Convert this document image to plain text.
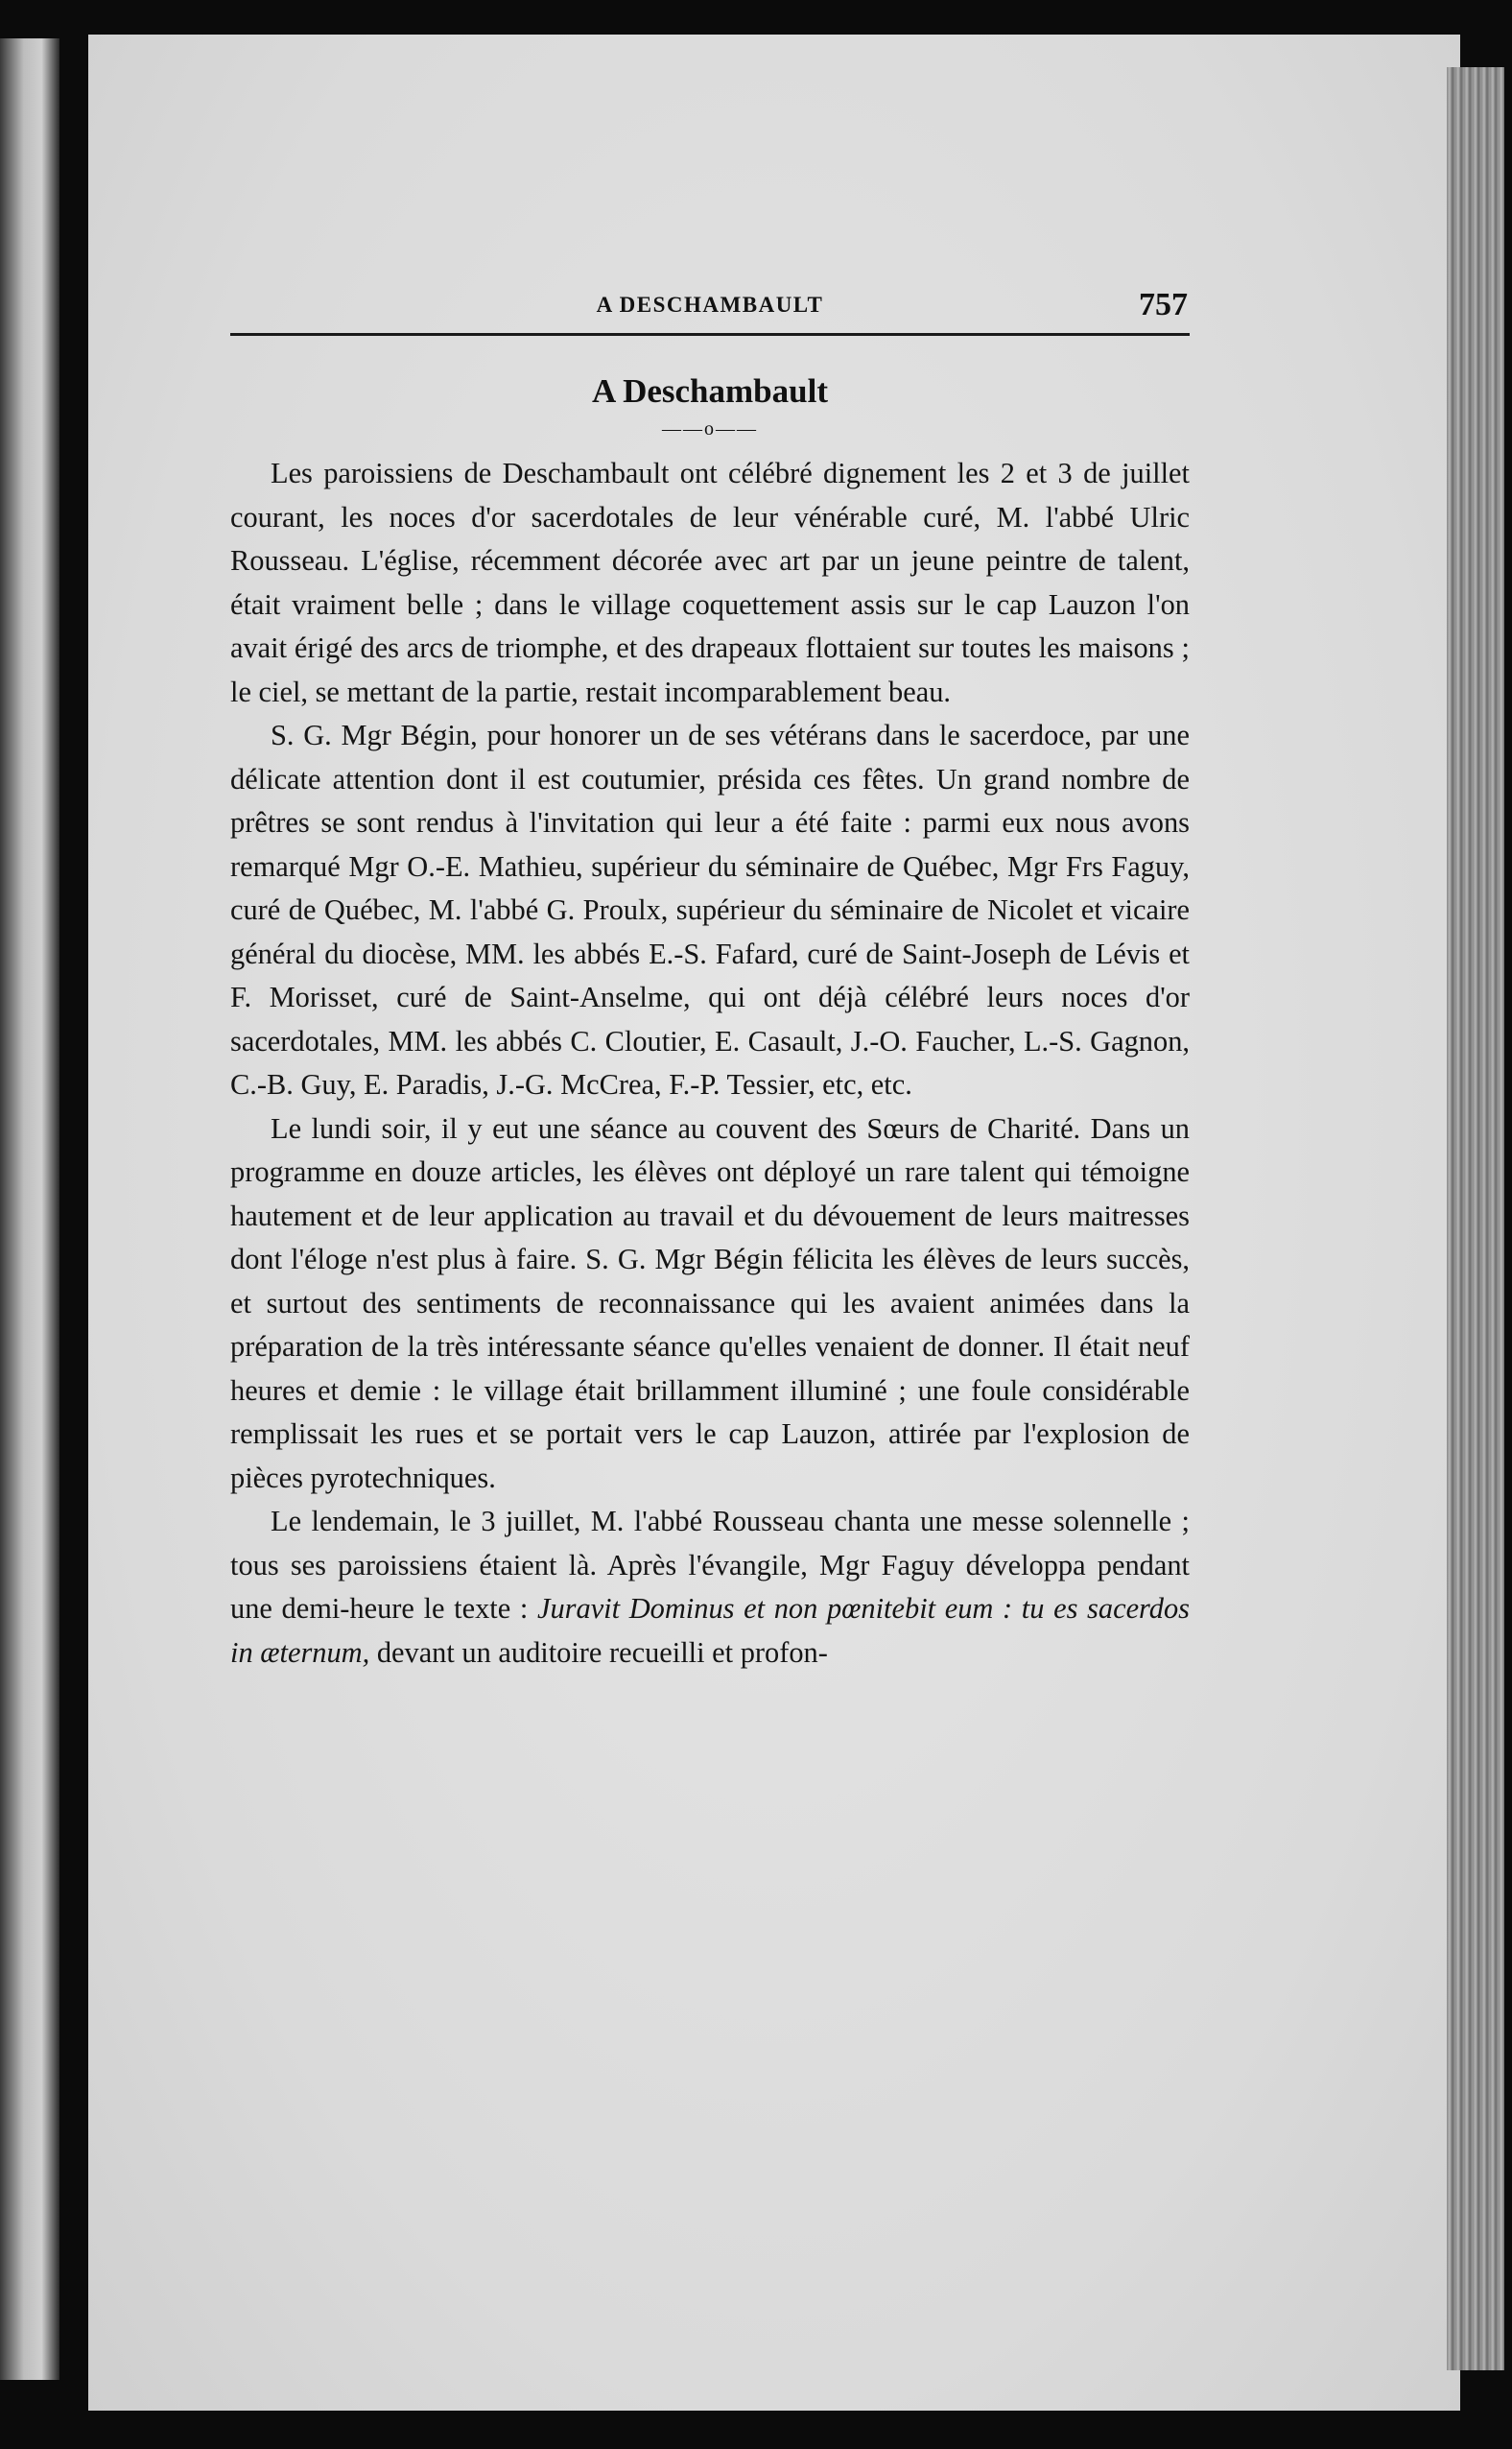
A DESCHAMBAULT	757
A Deschambault
——o——

Les paroissiens de Deschambault ont célébré dignement les 2 et 3 de juillet courant, les noces d'or sacerdotales de leur vénérable curé, M. l'abbé Ulric Rousseau. L'église, récemment décorée avec art par un jeune peintre de talent, était vraiment belle ; dans le village coquettement assis sur le cap Lauzon l'on avait érigé des arcs de triomphe, et des drapeaux flottaient sur toutes les maisons ; le ciel, se mettant de la partie, restait incomparablement beau.

S. G. Mgr Bégin, pour honorer un de ses vétérans dans le sacerdoce, par une délicate attention dont il est coutumier, présida ces fêtes. Un grand nombre de prêtres se sont rendus à l'invitation qui leur a été faite : parmi eux nous avons remarqué Mgr O.-E. Mathieu, supérieur du séminaire de Québec, Mgr Frs Faguy, curé de Québec, M. l'abbé G. Proulx, supérieur du séminaire de Nicolet et vicaire général du diocèse, MM. les abbés E.-S. Fafard, curé de Saint-Joseph de Lévis et F. Morisset, curé de Saint-Anselme, qui ont déjà célébré leurs noces d'or sacerdotales, MM. les abbés C. Cloutier, E. Casault, J.-O. Faucher, L.-S. Gagnon, C.-B. Guy, E. Paradis, J.-G. McCrea, F.-P. Tessier, etc, etc.

Le lundi soir, il y eut une séance au couvent des Sœurs de Charité. Dans un programme en douze articles, les élèves ont déployé un rare talent qui témoigne hautement et de leur application au travail et du dévouement de leurs maitresses dont l'éloge n'est plus à faire. S. G. Mgr Bégin félicita les élèves de leurs succès, et surtout des sentiments de reconnaissance qui les avaient animées dans la préparation de la très intéressante séance qu'elles venaient de donner. Il était neuf heures et demie : le village était brillamment illuminé ; une foule considérable remplissait les rues et se portait vers le cap Lauzon, attirée par l'explosion de pièces pyrotechniques.

Le lendemain, le 3 juillet, M. l'abbé Rousseau chanta une messe solennelle ; tous ses paroissiens étaient là. Après l'évangile, Mgr Faguy développa pendant une demi-heure le texte : Juravit Dominus et non pœnitebit eum : tu es sacerdos in æternum, devant un auditoire recueilli et profon-
